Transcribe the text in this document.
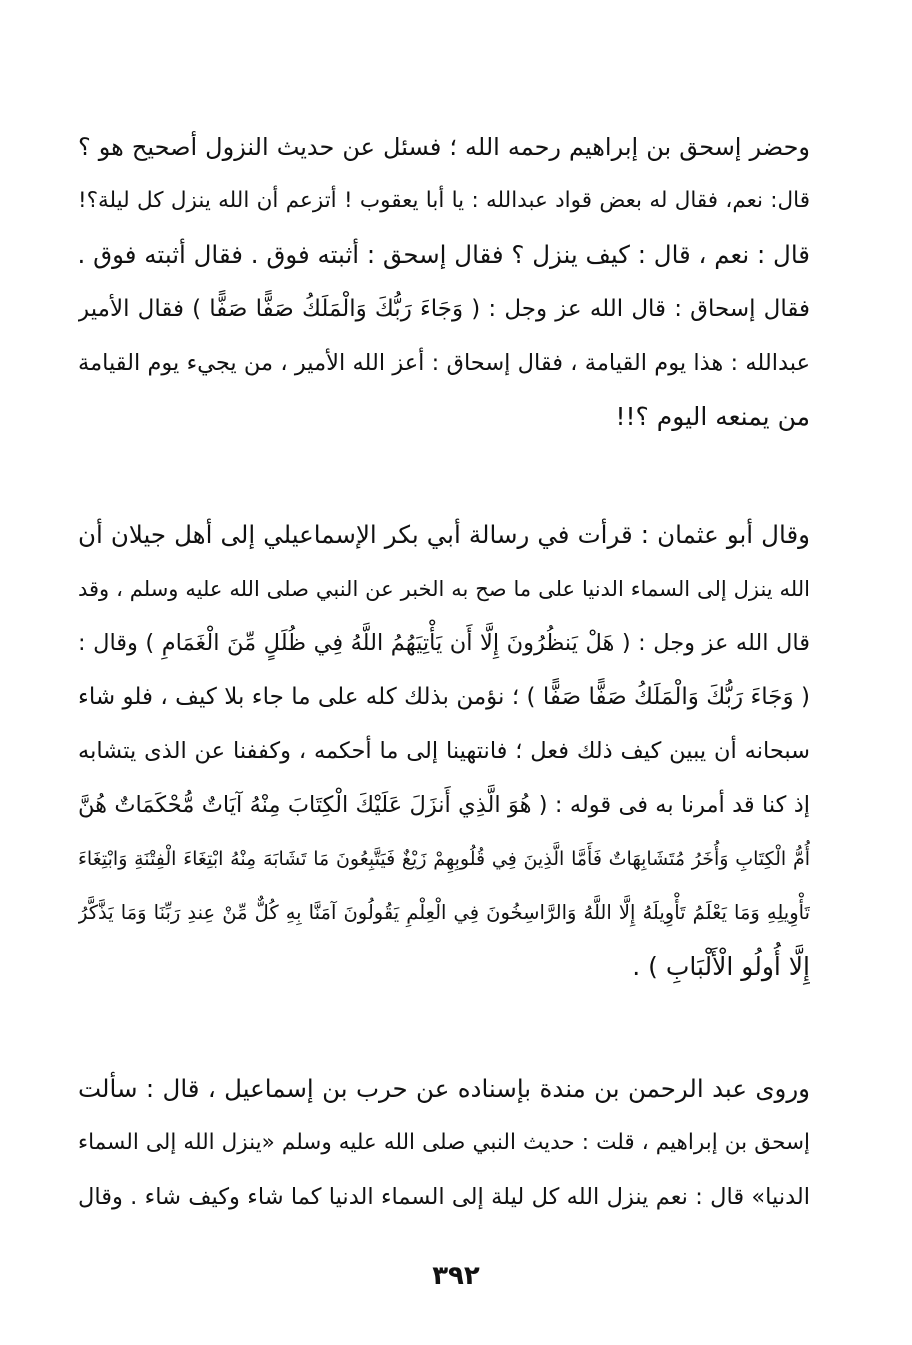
وحضر إسحق بن إبراهيم رحمه الله ؛ فسئل عن حديث النزول أصحيح هو ؟
قال: نعم، فقال له بعض قواد عبدالله : يا أبا يعقوب ! أتزعم أن الله ينزل كل ليلة؟!
قال : نعم ، قال : كيف ينزل ؟ فقال إسحق : أثبته فوق . فقال أثبته فوق .
فقال إسحاق : قال الله عز وجل : ( وَجَاءَ رَبُّكَ وَالْمَلَكُ صَفًّا صَفًّا ) فقال الأمير
عبدالله : هذا يوم القيامة ، فقال إسحاق : أعز الله الأمير ، من يجيء يوم القيامة
من يمنعه اليوم ؟!!
وقال أبو عثمان : قرأت في رسالة أبي بكر الإسماعيلي إلى أهل جيلان أن
الله ينزل إلى السماء الدنيا على ما صح به الخبر عن النبي صلى الله عليه وسلم ، وقد
قال الله عز وجل : ( هَلْ يَنظُرُونَ إِلَّا أَن يَأْتِيَهُمُ اللَّهُ فِي ظُلَلٍ مِّنَ الْغَمَامِ ) وقال :
( وَجَاءَ رَبُّكَ وَالْمَلَكُ صَفًّا صَفًّا ) ؛ نؤمن بذلك كله على ما جاء بلا كيف ، فلو شاء
سبحانه أن يبين كيف ذلك فعل ؛ فانتهينا إلى ما أحكمه ، وكففنا عن الذى يتشابه
إذ كنا قد أمرنا به فى قوله : ( هُوَ الَّذِي أَنزَلَ عَلَيْكَ الْكِتَابَ مِنْهُ آيَاتٌ مُّحْكَمَاتٌ هُنَّ
أُمُّ الْكِتَابِ وَأُخَرُ مُتَشَابِهَاتٌ فَأَمَّا الَّذِينَ فِي قُلُوبِهِمْ زَيْغٌ فَيَتَّبِعُونَ مَا تَشَابَهَ مِنْهُ ابْتِغَاءَ الْفِتْنَةِ وَابْتِغَاءَ
تَأْوِيلِهِ وَمَا يَعْلَمُ تَأْوِيلَهُ إِلَّا اللَّهُ وَالرَّاسِخُونَ فِي الْعِلْمِ يَقُولُونَ آمَنَّا بِهِ كُلٌّ مِّنْ عِندِ رَبِّنَا وَمَا يَذَّكَّرُ
إِلَّا أُولُو الْأَلْبَابِ ) .
وروى عبد الرحمن بن مندة بإسناده عن حرب بن إسماعيل ، قال : سألت
إسحق بن إبراهيم ، قلت : حديث النبي صلى الله عليه وسلم «ينزل الله إلى السماء
الدنيا» قال : نعم ينزل الله كل ليلة إلى السماء الدنيا كما شاء وكيف شاء . وقال
٣٩٢
